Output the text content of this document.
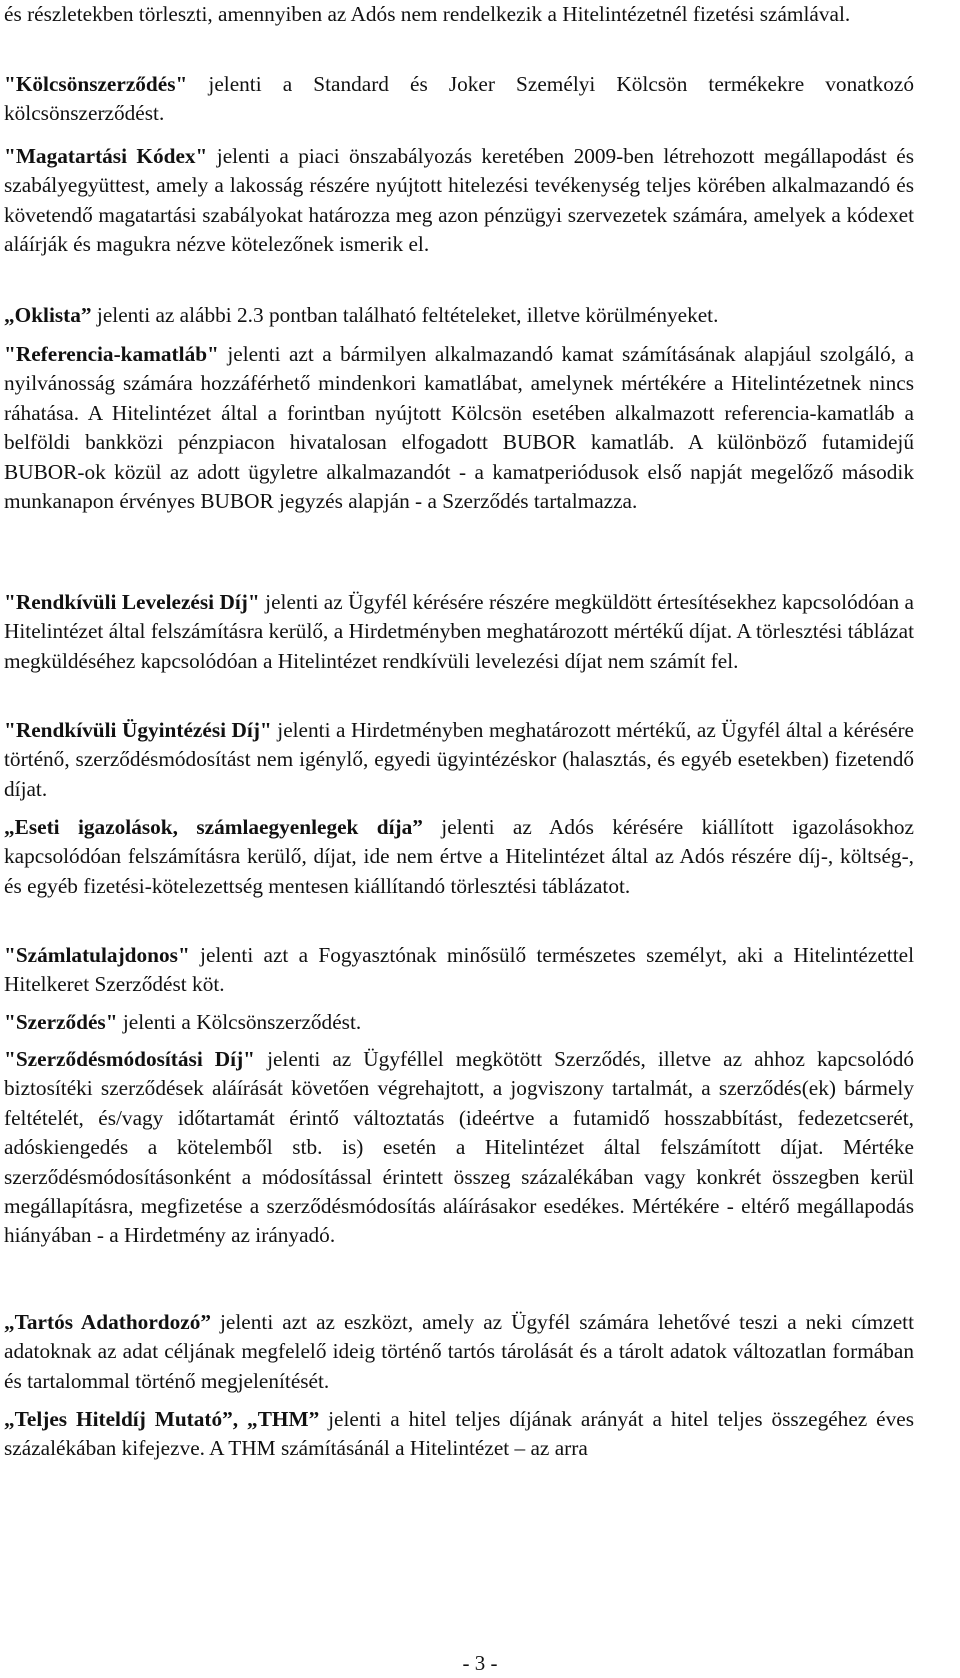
és részletekben törleszti, amennyiben az Adós nem rendelkezik a Hitelintézetnél fizetési számlával.

"Kölcsönszerződés" jelenti a Standard és Joker Személyi Kölcsön termékekre vonatkozó kölcsönszerződést.

"Magatartási Kódex" jelenti a piaci önszabályozás keretében 2009-ben létrehozott megállapodást és szabályegyüttest, amely a lakosság részére nyújtott hitelezési tevékenység teljes körében alkalmazandó és követendő magatartási szabályokat határozza meg azon pénzügyi szervezetek számára, amelyek a kódexet aláírják és magukra nézve kötelezőnek ismerik el.

„Oklista” jelenti az alábbi 2.3 pontban található feltételeket, illetve körülményeket.

"Referencia-kamatláb" jelenti azt a bármilyen alkalmazandó kamat számításának alapjául szolgáló, a nyilvánosság számára hozzáférhető mindenkori kamatlábat, amelynek mértékére a Hitelintézetnek nincs ráhatása. A Hitelintézet által a forintban nyújtott Kölcsön esetében alkalmazott referencia-kamatláb a belföldi bankközi pénzpiacon hivatalosan elfogadott BUBOR kamatláb. A különböző futamidejű BUBOR-ok közül az adott ügyletre alkalmazandót - a kamatperiódusok első napját megelőző második munkanapon érvényes BUBOR jegyzés alapján - a Szerződés tartalmazza.

"Rendkívüli Levelezési Díj" jelenti az Ügyfél kérésére részére megküldött értesítésekhez kapcsolódóan a Hitelintézet által felszámításra kerülő, a Hirdetményben meghatározott mértékű díjat. A törlesztési táblázat megküldéséhez kapcsolódóan a Hitelintézet rendkívüli levelezési díjat nem számít fel.

"Rendkívüli Ügyintézési Díj" jelenti a Hirdetményben meghatározott mértékű, az Ügyfél által a kérésére történő, szerződésmódosítást nem igénylő, egyedi ügyintézéskor (halasztás, és egyéb esetekben) fizetendő díjat.

„Eseti igazolások, számlaegyenlegek díja” jelenti az Adós kérésére kiállított igazolásokhoz kapcsolódóan felszámításra kerülő, díjat, ide nem értve a Hitelintézet által az Adós részére díj-, költség-, és egyéb fizetési-kötelezettség mentesen kiállítandó törlesztési táblázatot.

"Számlatulajdonos" jelenti azt a Fogyasztónak minősülő természetes személyt, aki a Hitelintézettel Hitelkeret Szerződést köt.

"Szerződés" jelenti a Kölcsönszerződést.

"Szerződésmódosítási Díj" jelenti az Ügyféllel megkötött Szerződés, illetve az ahhoz kapcsolódó biztosítéki szerződések aláírását követően végrehajtott, a jogviszony tartalmát, a szerződés(ek) bármely feltételét, és/vagy időtartamát érintő változtatás (ideértve a futamidő hosszabbítást, fedezetcserét, adóskiengedés a kötelemből stb. is) esetén a Hitelintézet által felszámított díjat. Mértéke szerződésmódosításonként a módosítással érintett összeg százalékában vagy konkrét összegben kerül megállapításra, megfizetése a szerződésmódosítás aláírásakor esedékes. Mértékére - eltérő megállapodás hiányában - a Hirdetmény az irányadó.

„Tartós Adathordozó” jelenti azt az eszközt, amely az Ügyfél számára lehetővé teszi a neki címzett adatoknak az adat céljának megfelelő ideig történő tartós tárolását és a tárolt adatok változatlan formában és tartalommal történő megjelenítését.

„Teljes Hiteldíj Mutató”, „THM” jelenti a hitel teljes díjának arányát a hitel teljes összegéhez éves százalékában kifejezve. A THM számításánál a Hitelintézet – az arra

- 3 -
